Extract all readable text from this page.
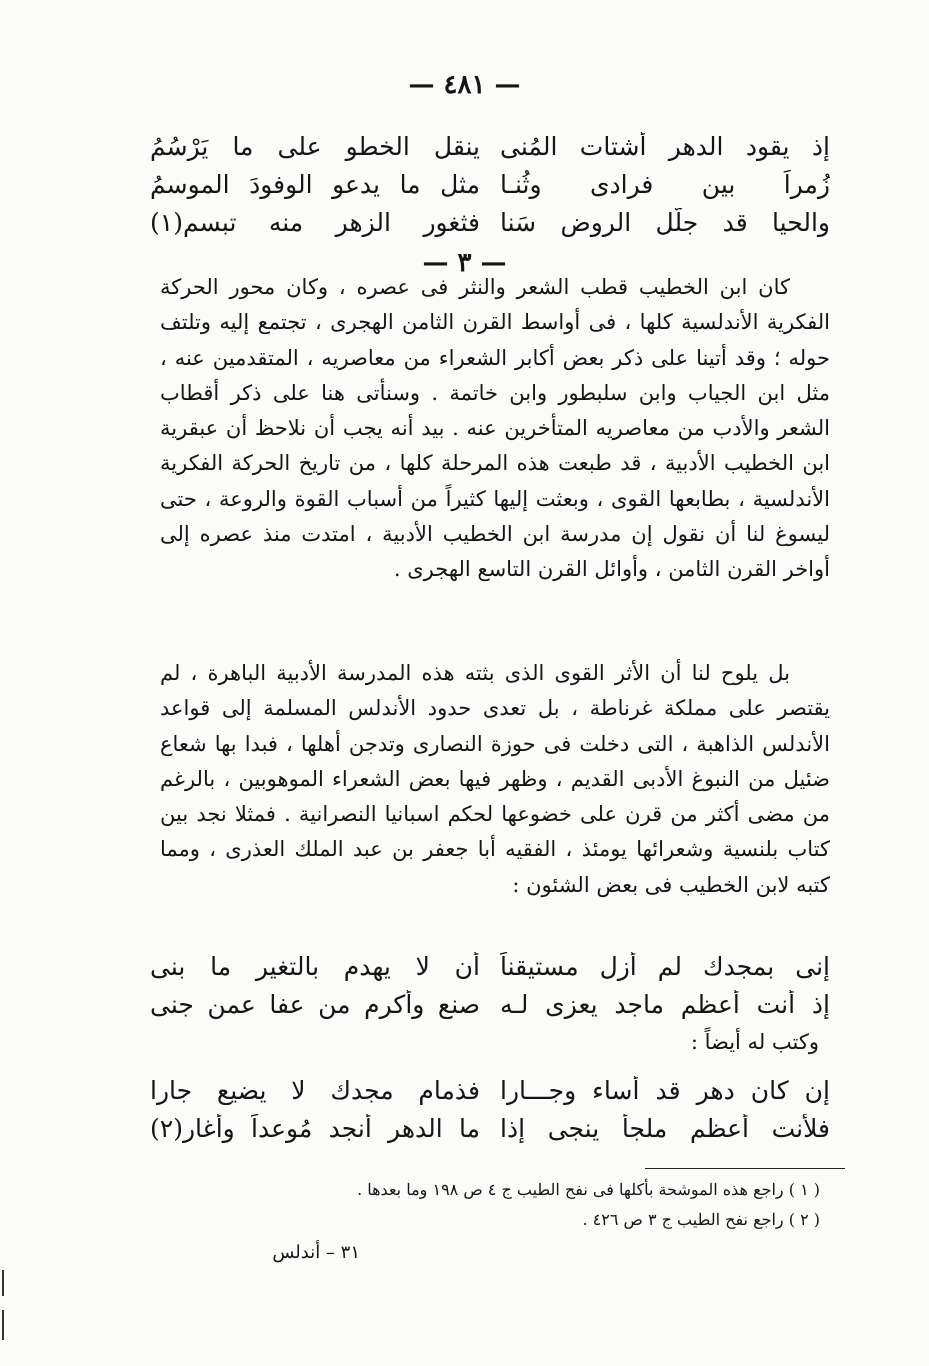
— ٤٨١ —
إذ يقود الدهر أشتات المُنى
ينقل الخطو على ما يَرْسُمُ
زُمراً بين فرادى وثُنـا
مثل ما يدعو الوفودَ الموسمُ
والحيا قد جلَّل الروض سَنا
فثغور الزهر منه تبسم(١)
— ٣ —

كان ابن الخطيب قطب الشعر والنثر فى عصره ، وكان محور الحركة الفكرية الأندلسية كلها ، فى أواسط القرن الثامن الهجرى ، تجتمع إليه وتلتف حوله ؛ وقد أتينا على ذكر بعض أكابر الشعراء من معاصريه ، المتقدمين عنه ، مثل ابن الجياب وابن سلبطور وابن خاتمة . وسنأتى هنا على ذكر أقطاب الشعر والأدب من معاصريه المتأخرين عنه . بيد أنه يجب أن نلاحظ أن عبقرية ابن الخطيب الأدبية ، قد طبعت هذه المرحلة كلها ، من تاريخ الحركة الفكرية الأندلسية ، بطابعها القوى ، وبعثت إليها كثيراً من أسباب القوة والروعة ، حتى ليسوغ لنا أن نقول إن مدرسة ابن الخطيب الأدبية ، امتدت منذ عصره إلى أواخر القرن الثامن ، وأوائل القرن التاسع الهجرى .

بل يلوح لنا أن الأثر القوى الذى بثته هذه المدرسة الأدبية الباهرة ، لم يقتصر على مملكة غرناطة ، بل تعدى حدود الأندلس المسلمة إلى قواعد الأندلس الذاهبة ، التى دخلت فى حوزة النصارى وتدجن أهلها ، فبدا بها شعاع ضئيل من النبوغ الأدبى القديم ، وظهر فيها بعض الشعراء الموهوبين ، بالرغم من مضى أكثر من قرن على خضوعها لحكم اسبانيا النصرانية . فمثلا نجد بين كتاب بلنسية وشعرائها يومئذ ، الفقيه أبا جعفر بن عبد الملك العذرى ، ومما كتبه لابن الخطيب فى بعض الشئون :

إنى بمجدك لم أزل مستيقناً
أن لا يهدم بالتغير ما بنى
إذ أنت أعظم ماجد يعزى لـه
صنع وأكرم من عفا عمن جنى
وكتب له أيضاً :
إن كان دهر قد أساء وجـــارا
فذمام مجدك لا يضيع جارا
فلأنت أعظم ملجأ ينجى إذا
ما الدهر أنجد مُوعداً وأغار(٢)
( ١ ) راجع هذه الموشحة بأكلها فى نفح الطيب ج ٤ ص ١٩٨ وما بعدها .
( ٢ ) راجع نفح الطيب ج ٣ ص ٤٢٦ .
٣١ – أندلس
